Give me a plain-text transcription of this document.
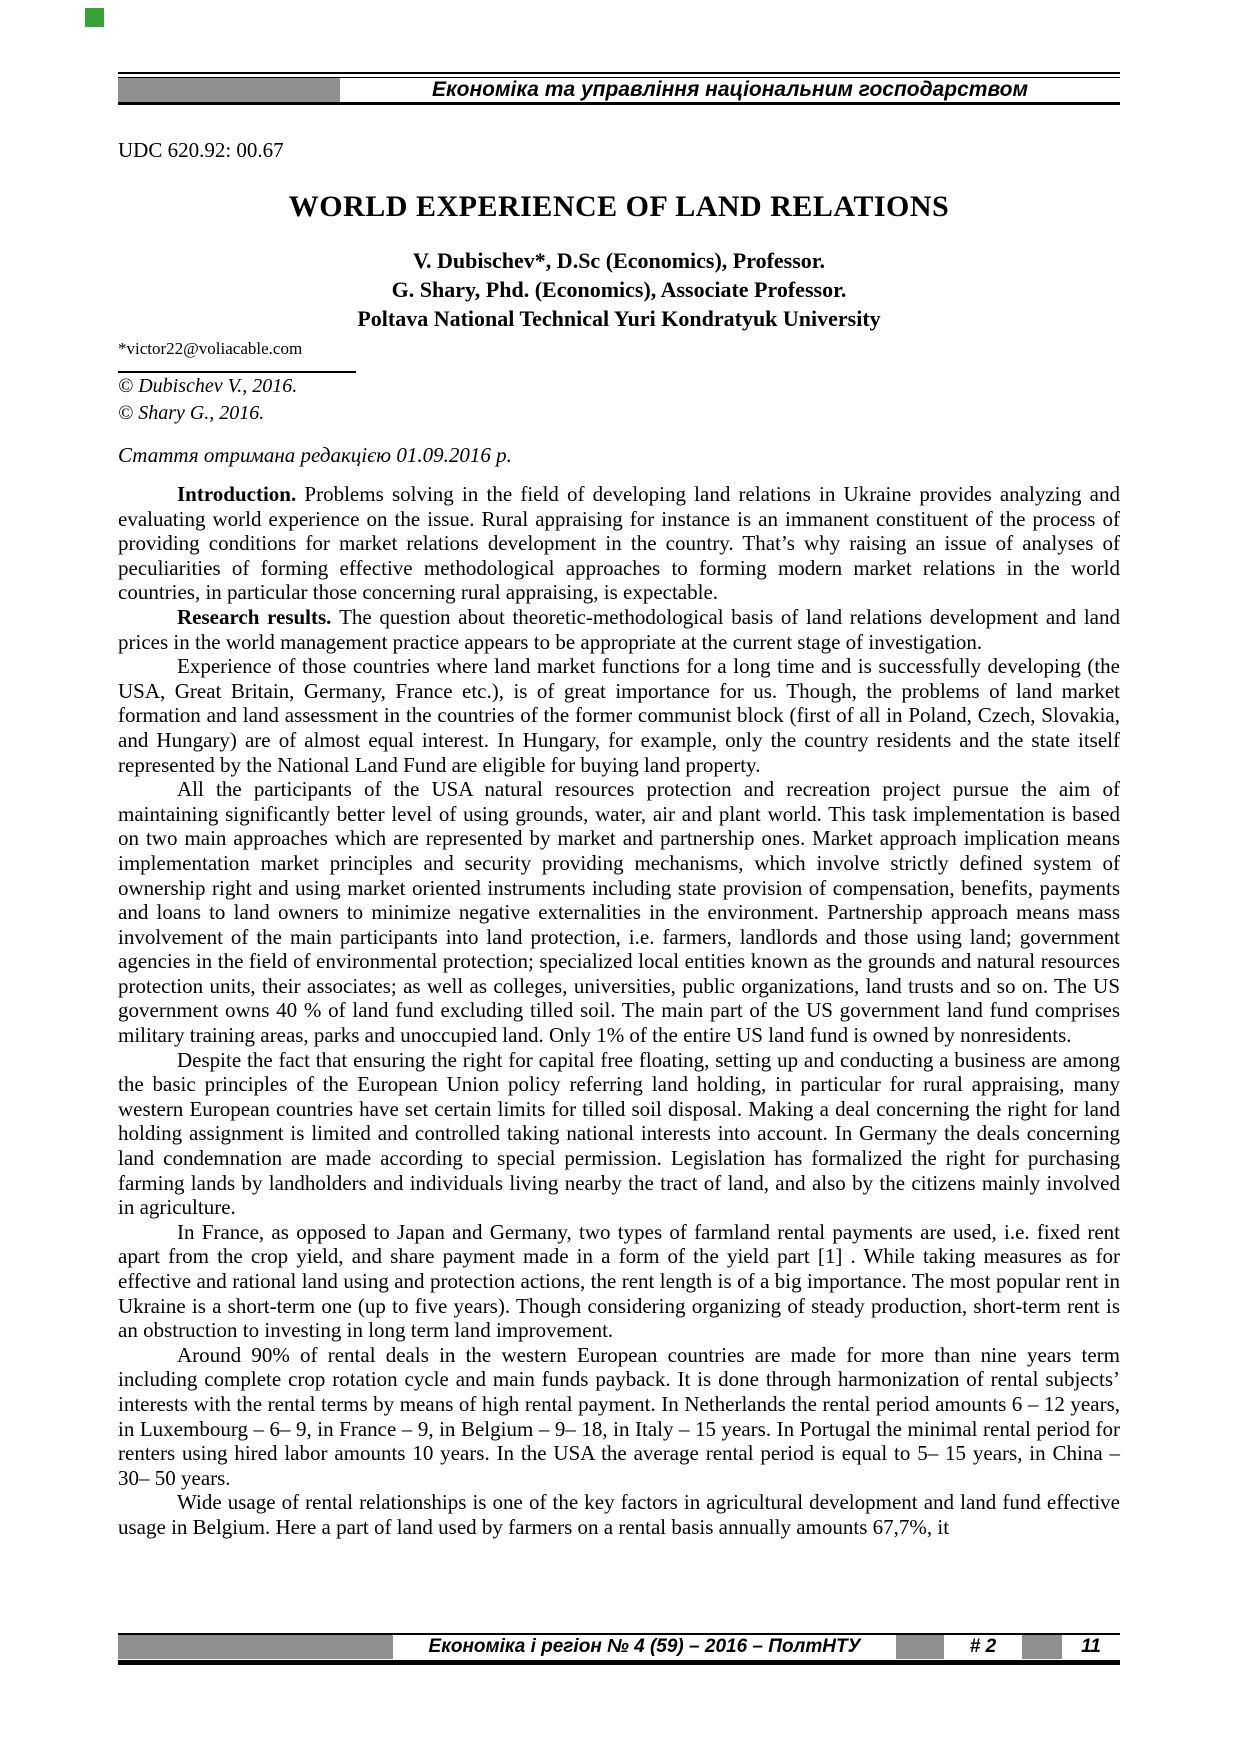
Економіка та управління національним господарством
UDC 620.92: 00.67
WORLD EXPERIENCE OF LAND RELATIONS
V. Dubischev*, D.Sc (Economics), Professor.
G. Shary, Phd. (Economics), Associate Professor.
Poltava National Technical Yuri Kondratyuk University
*victor22@voliacable.com
© Dubischev V., 2016.
© Shary G., 2016.
Стаття отримана редакцією 01.09.2016 р.

Introduction. Problems solving in the field of developing land relations in Ukraine provides analyzing and evaluating world experience on the issue. Rural appraising for instance is an immanent constituent of the process of providing conditions for market relations development in the country. That’s why raising an issue of analyses of peculiarities of forming effective methodological approaches to forming modern market relations in the world countries, in particular those concerning rural appraising, is expectable.

Research results. The question about theoretic-methodological basis of land relations development and land prices in the world management practice appears to be appropriate at the current stage of investigation.

Experience of those countries where land market functions for a long time and is successfully developing (the USA, Great Britain, Germany, France etc.), is of great importance for us. Though, the problems of land market formation and land assessment in the countries of the former communist block (first of all in Poland, Czech, Slovakia, and Hungary) are of almost equal interest. In Hungary, for example, only the country residents and the state itself represented by the National Land Fund are eligible for buying land property.

All the participants of the USA natural resources protection and recreation project pursue the aim of maintaining significantly better level of using grounds, water, air and plant world. This task implementation is based on two main approaches which are represented by market and partnership ones. Market approach implication means implementation market principles and security providing mechanisms, which involve strictly defined system of ownership right and using market oriented instruments including state provision of compensation, benefits, payments and loans to land owners to minimize negative externalities in the environment. Partnership approach means mass involvement of the main participants into land protection, i.e. farmers, landlords and those using land; government agencies in the field of environmental protection; specialized local entities known as the grounds and natural resources protection units, their associates; as well as colleges, universities, public organizations, land trusts and so on. The US government owns 40 % of land fund excluding tilled soil. The main part of the US government land fund comprises military training areas, parks and unoccupied land. Only 1% of the entire US land fund is owned by nonresidents.

Despite the fact that ensuring the right for capital free floating, setting up and conducting a business are among the basic principles of the European Union policy referring land holding, in particular for rural appraising, many western European countries have set certain limits for tilled soil disposal. Making a deal concerning the right for land holding assignment is limited and controlled taking national interests into account. In Germany the deals concerning land condemnation are made according to special permission. Legislation has formalized the right for purchasing farming lands by landholders and individuals living nearby the tract of land, and also by the citizens mainly involved in agriculture.

In France, as opposed to Japan and Germany, two types of farmland rental payments are used, i.e. fixed rent apart from the crop yield, and share payment made in a form of the yield part [1] . While taking measures as for effective and rational land using and protection actions, the rent length is of a big importance. The most popular rent in Ukraine is a short-term one (up to five years). Though considering organizing of steady production, short-term rent is an obstruction to investing in long term land improvement.

Around 90% of rental deals in the western European countries are made for more than nine years term including complete crop rotation cycle and main funds payback. It is done through harmonization of rental subjects’ interests with the rental terms by means of high rental payment. In Netherlands the rental period amounts 6 – 12 years, in Luxembourg – 6– 9, in France – 9, in Belgium – 9– 18, in Italy – 15 years. In Portugal the minimal rental period for renters using hired labor amounts 10 years. In the USA the average rental period is equal to 5– 15 years, in China – 30– 50 years.

Wide usage of rental relationships is one of the key factors in agricultural development and land fund effective usage in Belgium. Here a part of land used by farmers on a rental basis annually amounts 67,7%, it

Економіка і регіон № 4 (59) – 2016 – ПолтНТУ	# 2	11
